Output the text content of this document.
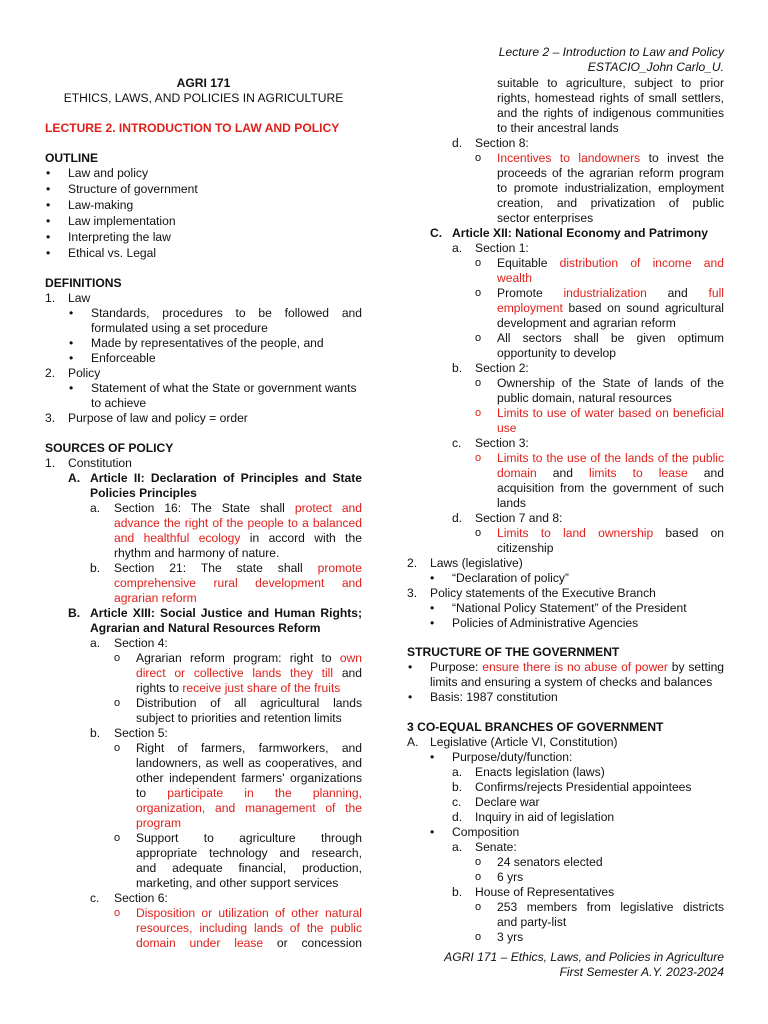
Lecture 2 – Introduction to Law and Policy
ESTACIO_John Carlo_U.
AGRI 171
ETHICS, LAWS, AND POLICIES IN AGRICULTURE
LECTURE 2. INTRODUCTION TO LAW AND POLICY
OUTLINE
• Law and policy
• Structure of government
• Law-making
• Law implementation
• Interpreting the law
• Ethical vs. Legal
DEFINITIONS
1. Law
• Standards, procedures to be followed and
formulated using a set procedure
• Made by representatives of the people, and
• Enforceable
2. Policy
• Statement of what the State or government wants
to achieve
3. Purpose of law and policy = order
SOURCES OF POLICY
1. Constitution
A. Article II: Declaration of Principles and State
Policies Principles
a. Section 16: The State shall protect and
advance the right of the people to a balanced
and healthful ecology in accord with the
rhythm and harmony of nature.
b. Section 21: The state shall promote
comprehensive rural development and
agrarian reform
B. Article XIII: Social Justice and Human Rights;
Agrarian and Natural Resources Reform
a. Section 4:
o Agrarian reform program: right to own
direct or collective lands they till and
rights to receive just share of the fruits
o Distribution of all agricultural lands
subject to priorities and retention limits
b. Section 5:
o Right of farmers, farmworkers, and
landowners, as well as cooperatives, and
other independent farmers' organizations
to participate in the planning,
organization, and management of the
program
o Support to agriculture through
appropriate technology and research,
and adequate financial, production,
marketing, and other support services
c. Section 6:
o Disposition or utilization of other natural
resources, including lands of the public
domain under lease or concession
suitable to agriculture, subject to prior
rights, homestead rights of small settlers,
and the rights of indigenous communities
to their ancestral lands
d. Section 8:
o Incentives to landowners to invest the
proceeds of the agrarian reform program
to promote industrialization, employment
creation, and privatization of public
sector enterprises
C. Article XII: National Economy and Patrimony
a. Section 1:
o Equitable distribution of income and
wealth
o Promote industrialization and full
employment based on sound agricultural
development and agrarian reform
o All sectors shall be given optimum
opportunity to develop
b. Section 2:
o Ownership of the State of lands of the
public domain, natural resources
o Limits to use of water based on beneficial
use
c. Section 3:
o Limits to the use of the lands of the public
domain and limits to lease and
acquisition from the government of such
lands
d. Section 7 and 8:
o Limits to land ownership based on
citizenship
2. Laws (legislative)
• “Declaration of policy”
3. Policy statements of the Executive Branch
• “National Policy Statement” of the President
• Policies of Administrative Agencies
STRUCTURE OF THE GOVERNMENT
• Purpose: ensure there is no abuse of power by setting
limits and ensuring a system of checks and balances
• Basis: 1987 constitution
3 CO-EQUAL BRANCHES OF GOVERNMENT
A. Legislative (Article VI, Constitution)
• Purpose/duty/function:
a. Enacts legislation (laws)
b. Confirms/rejects Presidential appointees
c. Declare war
d. Inquiry in aid of legislation
• Composition
a. Senate:
o 24 senators elected
o 6 yrs
b. House of Representatives
o 253 members from legislative districts
and party-list
o 3 yrs
AGRI 171 – Ethics, Laws, and Policies in Agriculture
First Semester A.Y. 2023-2024
